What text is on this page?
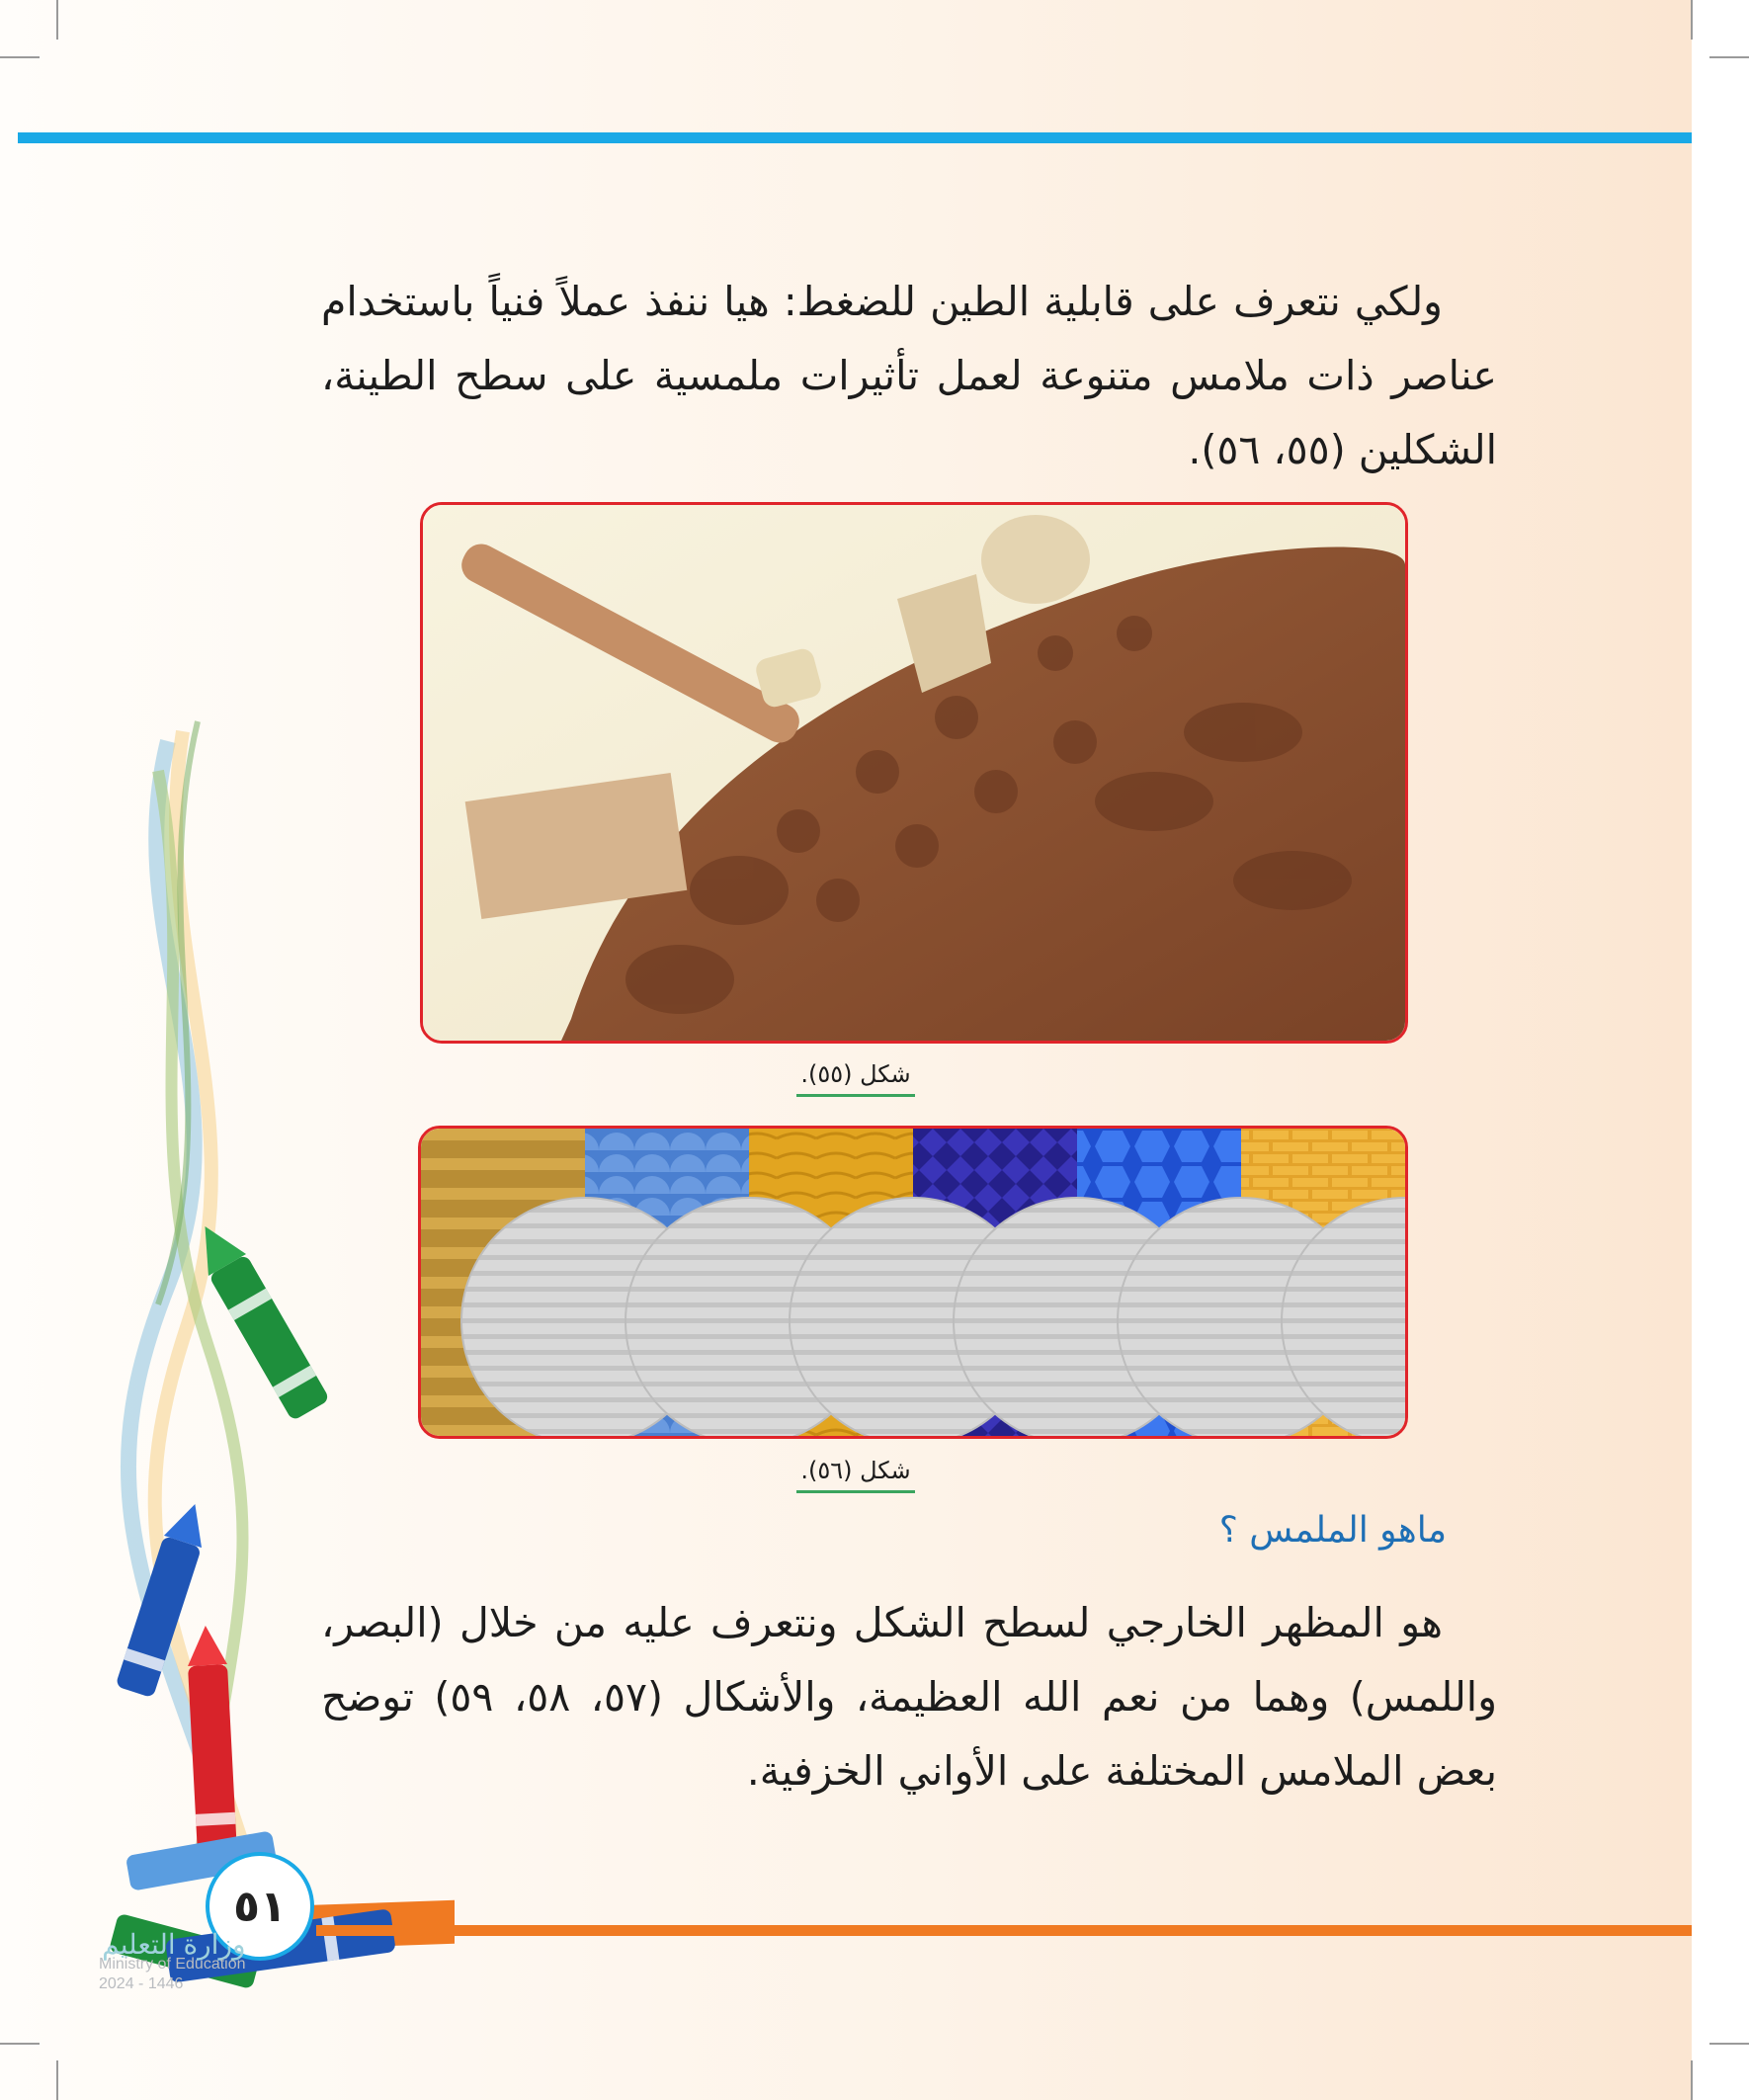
ولكي نتعرف على قابلية الطين للضغط: هيا ننفذ عملاً فنياً باستخدام عناصر ذات ملامس متنوعة لعمل تأثيرات ملمسية على سطح الطينة، الشكلين (٥٥، ٥٦).

شكل (٥٥).
شكل (٥٦).
ماهو الملمس ؟

هو المظهر الخارجي لسطح الشكل ونتعرف عليه من خلال (البصر، واللمس) وهما من نعم الله العظيمة، والأشكال (٥٧، ٥٨، ٥٩) توضح بعض الملامس المختلفة على الأواني الخزفية.

٥١
وزارة التعليم
Ministry of Education
2024 - 1446
